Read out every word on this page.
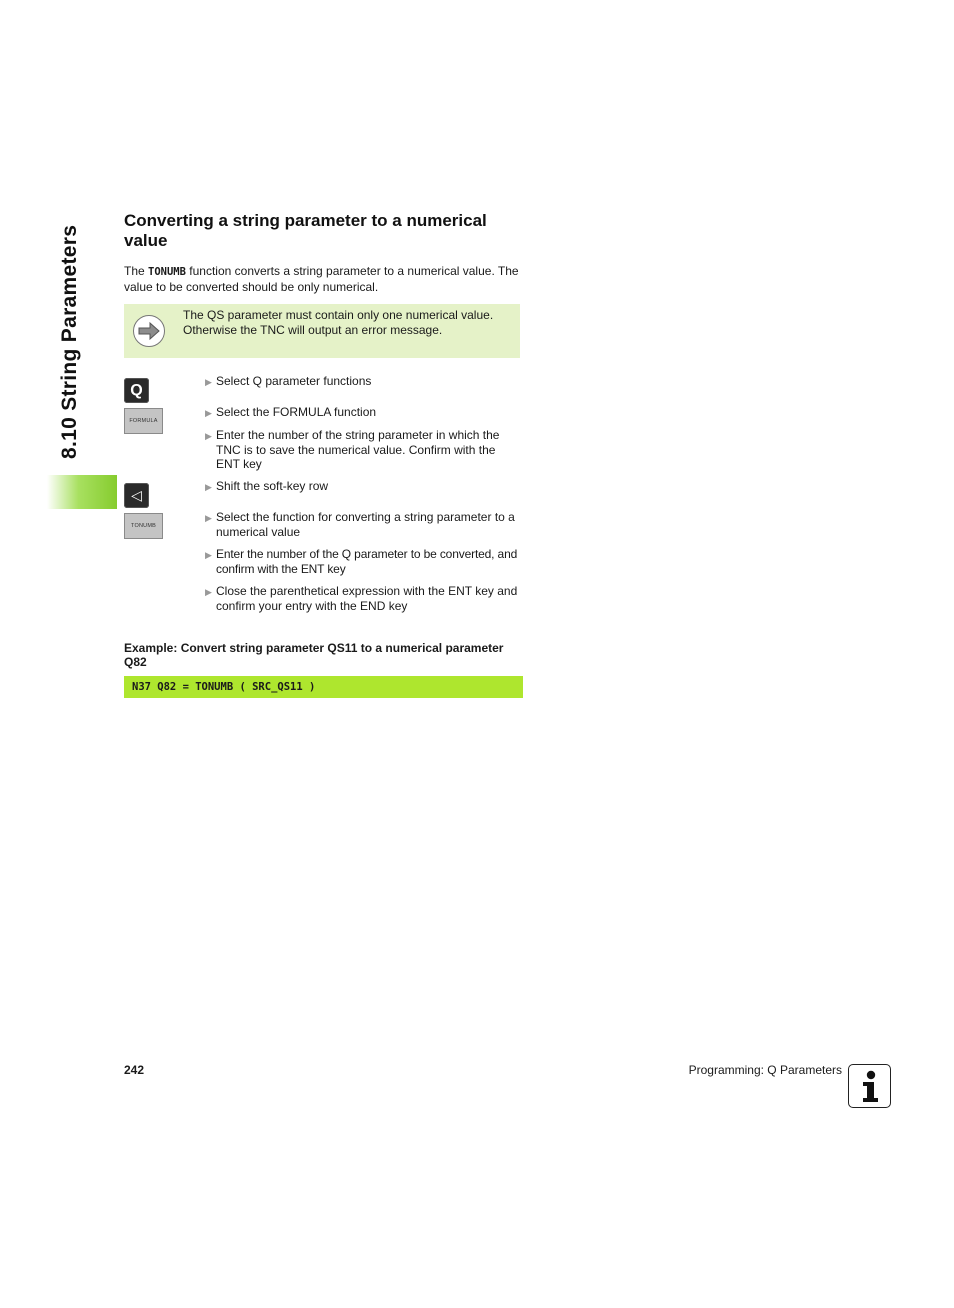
8.10 String Parameters
Converting a string parameter to a numerical value

The TONUMB function converts a string parameter to a numerical value. The value to be converted should be only numerical.

The QS parameter must contain only one numerical value. Otherwise the TNC will output an error message.
Q
FORMULA
◁
TONUMB
▶ Select Q parameter functions
▶ Select the FORMULA function
▶ Enter the number of the string parameter in which the TNC is to save the numerical value. Confirm with the ENT key
▶ Shift the soft-key row
▶ Select the function for converting a string parameter to a numerical value
▶ Enter the number of the Q parameter to be converted, and confirm with the ENT key
▶ Close the parenthetical expression with the ENT key and confirm your entry with the END key
Example: Convert string parameter QS11 to a numerical parameter Q82
N37 Q82 = TONUMB ( SRC_QS11 )
242	Programming: Q Parameters
